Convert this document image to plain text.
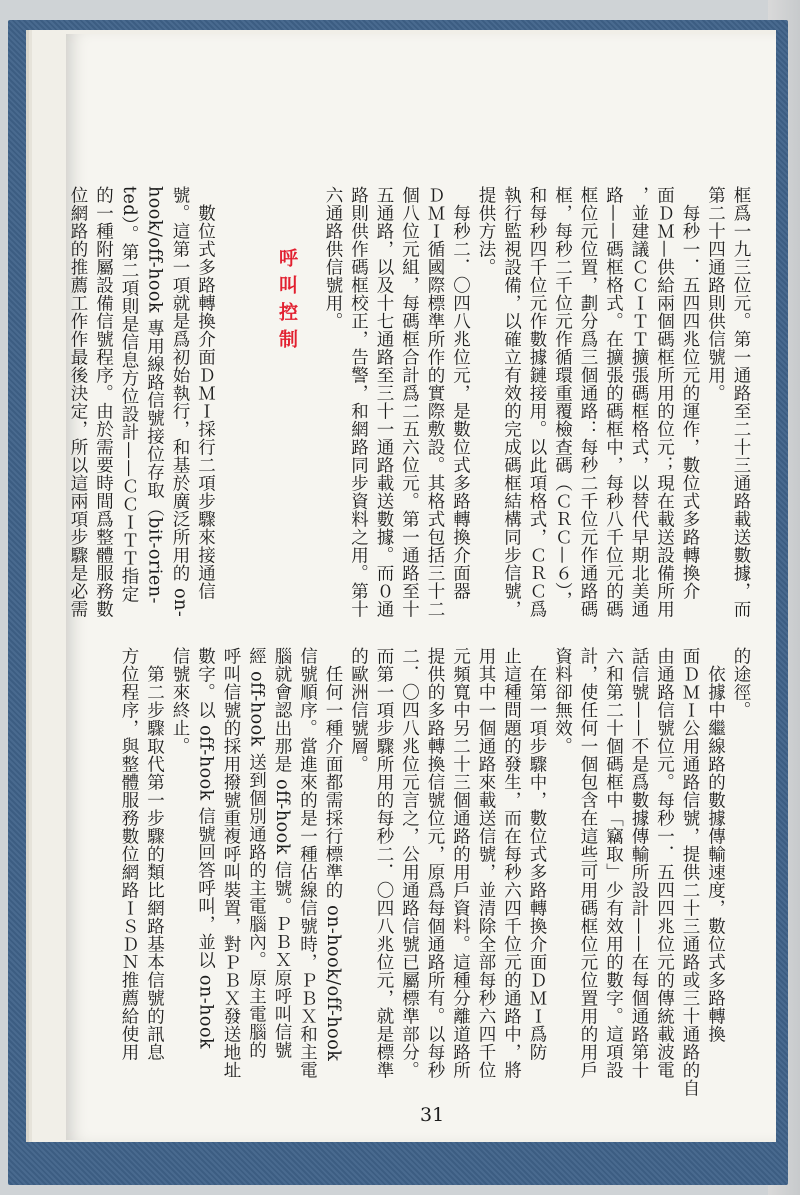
框爲一九三位元。第一通路至二十三通路載送數據，而
第二十四通路則供信號用。
　每秒一．五四四兆位元的運作，數位式多路轉換介
面ＤＭ—供給兩個碼框所用的位元；現在載送設備所用
，並建議ＣＣＩＴＴ擴張碼框格式，以替代早期北美通
路——碼框格式。在擴張的碼框中，每秒八千位元的碼
框位元位置，劃分爲三個通路：每秒二千位元作通路碼
框，每秒二千位元作循環重覆檢查碼（ＣＲＣ—６），
和每秒四千位元作數據鏈接用。以此項格式，ＣＲＣ爲
執行監視設備，以確立有效的完成碼框結構同步信號，
提供方法。
　每秒二．〇四八兆位元，是數位式多路轉換介面器
ＤＭＩ循國際標準所作的實際敷設。其格式包括三十二
個八位元組，每碼框合計爲二五六位元。第一通路至十
五通路，以及十七通路至三十一通路載送數據。而０通
路則供作碼框校正，告警，和網路同步資料之用。第十
六通路供信號用。

　數位式多路轉換介面ＤＭＩ採行二項步驟來接通信
號。這第一項就是爲初始執行，和基於廣泛所用的 on-
hook/off-hook 專用線路信號接位存取（bit-orien-
ted）。第二項則是信息方位設計——ＣＣＩＴＴ指定
的一種附屬設備信號程序。由於需要時間爲整體服務數
位網路的推薦工作作最後決定，所以這兩項步驟是必需	呼叫控制
的途徑。
　依據中繼線路的數據傳輸速度，數位式多路轉換
面ＤＭＩ公用通路信號，提供二十三通路或三十通路的自
由通路信號位元。每秒一．五四四兆位元的傳統載波電
話信號——不是爲數據傳輸所設計——在每個通路第十
六和第二十個碼框中「竊取」少有效用的數字。這項設
計，使任何一個包含在這些可用碼框位元位置用的用戶
資料卻無效。
　在第一項步驟中，數位式多路轉換介面ＤＭＩ爲防
止這種問題的發生，而在每秒六四千位元的通路中，將
用其中一個通路來載送信號，並清除全部每秒六四千位
元頻寬中另二十三個通路的用戶資料。這種分離道路所
提供的多路轉換信號位元，原爲每個通路所有。以每秒
二．〇四八兆位元言之，公用通路信號已屬標準部分。
而第一項步驟所用的每秒二．〇四八兆位元，就是標準
的歐洲信號層。
　任何一種介面都需採行標準的 on-hook/off-hook
信號順序。當進來的是一種佔線信號時，ＰＢＸ和主電
腦就會認出那是 off-hook 信號。ＰＢＸ原呼叫信號
經 off-hook 送到個別通路的主電腦內。原主電腦的
呼叫信號的採用撥號重複呼叫裝置，對ＰＢＸ發送地址
數字。以 off-hook 信號回答呼叫，並以 on-hook
信號來終止。
　第二步驟取代第一步驟的類比網路基本信號的訊息
方位程序，與整體服務數位網路ＩＳＤＮ推薦給使用
31
